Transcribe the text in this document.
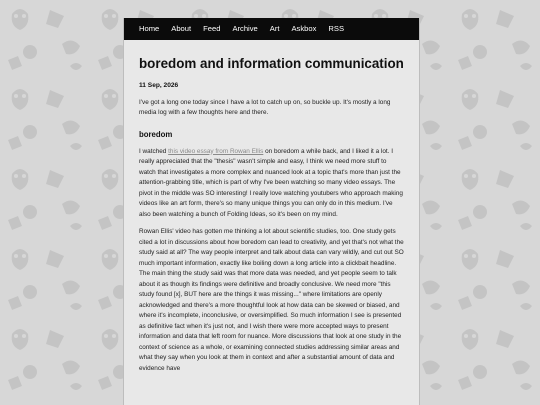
Home About Feed Archive Art Askbox RSS
boredom and information communication
11 Sep, 2026

I've got a long one today since I have a lot to catch up on, so buckle up. It's mostly a long media log with a few thoughts here and there.

boredom

I watched this video essay from Rowan Ellis on boredom a while back, and I liked it a lot. I really appreciated that the "thesis" wasn't simple and easy, I think we need more stuff to watch that investigates a more complex and nuanced look at a topic that's more than just the attention-grabbing title, which is part of why I've been watching so many video essays. The pivot in the middle was SO interesting! I really love watching youtubers who approach making videos like an art form, there's so many unique things you can only do in this medium. I've also been watching a bunch of Folding Ideas, so it's been on my mind.

Rowan Ellis' video has gotten me thinking a lot about scientific studies, too. One study gets cited a lot in discussions about how boredom can lead to creativity, and yet that's not what the study said at all? The way people interpret and talk about data can vary wildly, and cut out SO much important information, exactly like boiling down a long article into a clickbait headline. The main thing the study said was that more data was needed, and yet people seem to talk about it as though its findings were definitive and broadly conclusive. We need more "this study found [x], BUT here are the things it was missing..." where limitations are openly acknowledged and there's a more thoughtful look at how data can be skewed or biased, and where it's incomplete, inconclusive, or oversimplified. So much information I see is presented as definitive fact when it's just not, and I wish there were more accepted ways to present information and data that left room for nuance. More discussions that look at one study in the context of science as a whole, or examining connected studies addressing similar areas and what they say when you look at them in context and after a substantial amount of data and evidence have
